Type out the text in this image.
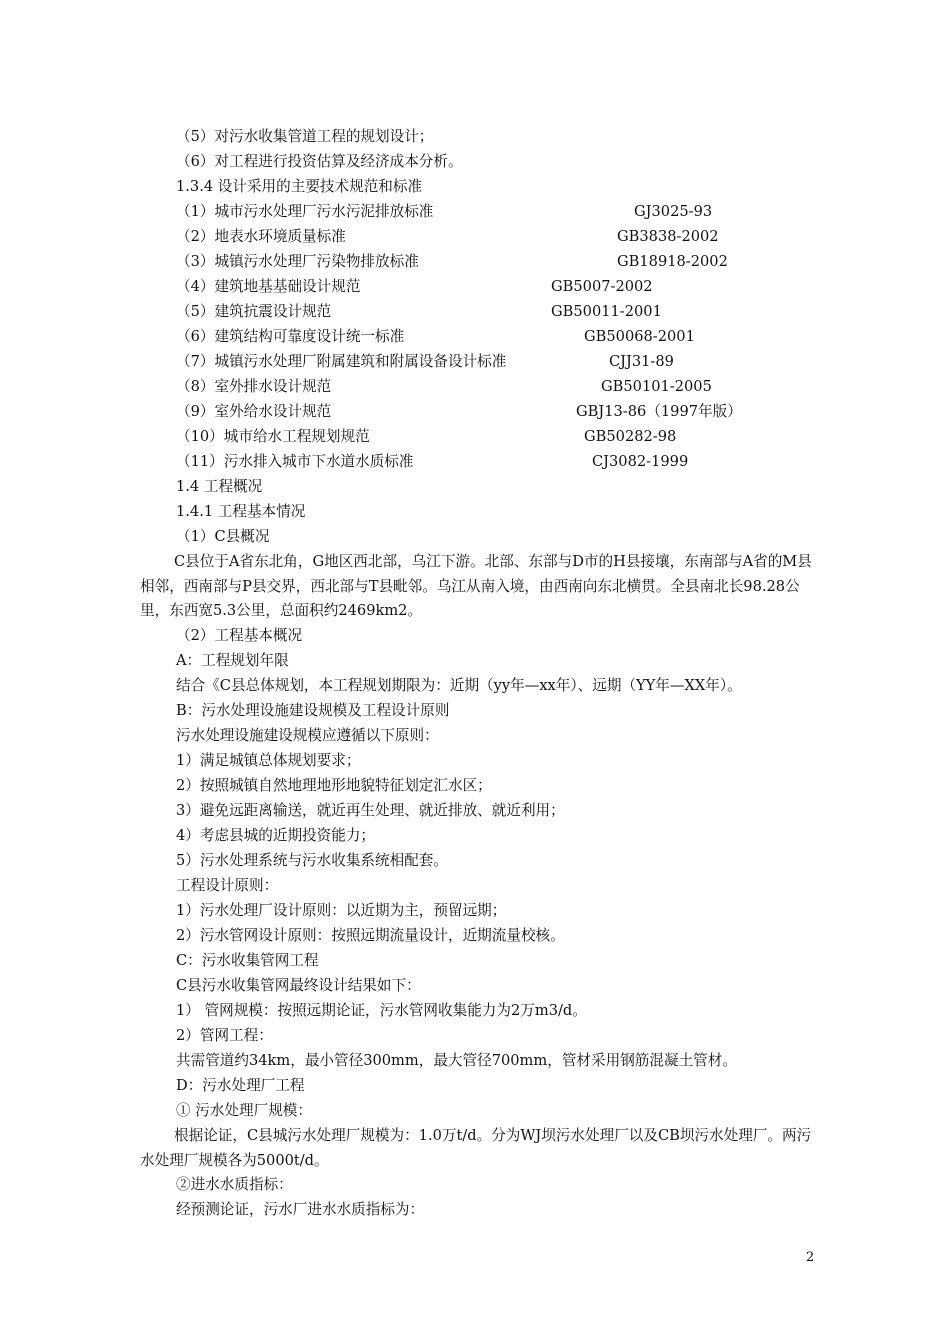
（5）对污水收集管道工程的规划设计；
（6）对工程进行投资估算及经济成本分析。
1.3.4 设计采用的主要技术规范和标准
（1）城市污水处理厂污水污泥排放标准	GJ3025-93
（2）地表水环境质量标准	GB3838-2002
（3）城镇污水处理厂污染物排放标准	GB18918-2002
（4）建筑地基基础设计规范	GB5007-2002
（5）建筑抗震设计规范	GB50011-2001
（6）建筑结构可靠度设计统一标准	GB50068-2001
（7）城镇污水处理厂附属建筑和附属设备设计标准	CJJ31-89
（8）室外排水设计规范	GB50101-2005
（9）室外给水设计规范	GBJ13-86（1997年版）
（10）城市给水工程规划规范	GB50282-98
（11）污水排入城市下水道水质标准	CJ3082-1999
1.4 工程概况
1.4.1 工程基本情况
（1）C县概况
C县位于A省东北角，G地区西北部，乌江下游。北部、东部与D市的H县接壤，东南部与A省的M县相邻，西南部与P县交界，西北部与T县毗邻。乌江从南入境，由西南向东北横贯。全县南北长98.28公里，东西宽5.3公里，总面积约2469km2。
（2）工程基本概况
A：工程规划年限
结合《C县总体规划，本工程规划期限为：近期（yy年—xx年）、远期（YY年—XX年）。
B：污水处理设施建设规模及工程设计原则
污水处理设施建设规模应遵循以下原则：
1）满足城镇总体规划要求；
2）按照城镇自然地理地形地貌特征划定汇水区；
3）避免远距离输送，就近再生处理、就近排放、就近利用；
4）考虑县城的近期投资能力；
5）污水处理系统与污水收集系统相配套。
工程设计原则：
1）污水处理厂设计原则：以近期为主，预留远期；
2）污水管网设计原则：按照远期流量设计，近期流量校核。
C：污水收集管网工程
C县污水收集管网最终设计结果如下：
1） 管网规模：按照远期论证，污水管网收集能力为2万m3/d。
2）管网工程：
共需管道约34km，最小管径300mm，最大管径700mm，管材采用钢筋混凝土管材。
D：污水处理厂工程
① 污水处理厂规模：
根据论证，C县城污水处理厂规模为：1.0万t/d。分为WJ坝污水处理厂以及CB坝污水处理厂。两污水处理厂规模各为5000t/d。
②进水水质指标：
经预测论证，污水厂进水水质指标为：
2
